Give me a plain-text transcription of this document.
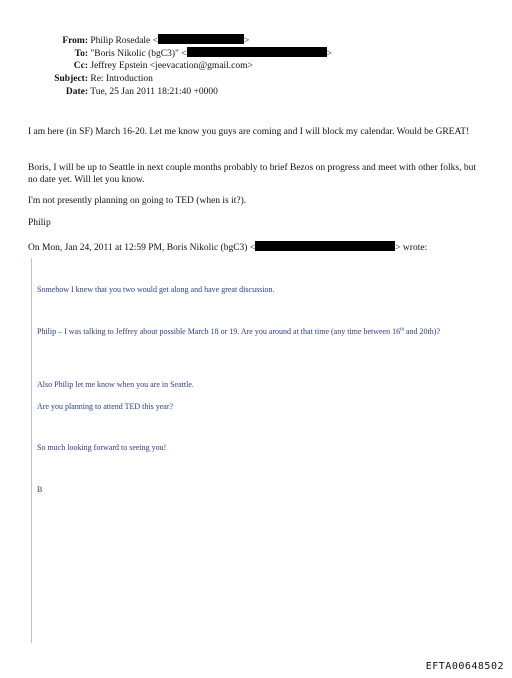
From: Philip Rosedale <	>
To: "Boris Nikolic (bgC3)" <	>
Cc: Jeffrey Epstein <jeevacation@gmail.com>
Subject: Re: Introduction
Date: Tue, 25 Jan 2011 18:21:40 +0000

I am here (in SF) March 16-20. Let me know you guys are coming and I will block my calendar. Would be GREAT!

Boris, I will be up to Seattle in next couple months probably to brief Bezos on progress and meet with other folks, but no date yet. Will let you know.

I'm not presently planning on going to TED (when is it?).

Philip

On Mon, Jan 24, 2011 at 12:59 PM, Boris Nikolic (bgC3) <	> wrote:

Somehow I knew that you two would get along and have great discussion.

Philip – I was talking to Jeffrey about possible March 18 or 19. Are you around at that time (any time between 16th and 20th)?

Also Philip let me know when you are in Seattle.

Are you planning to attend TED this year?

So much looking forward to seeing you!

B

EFTA00648502
